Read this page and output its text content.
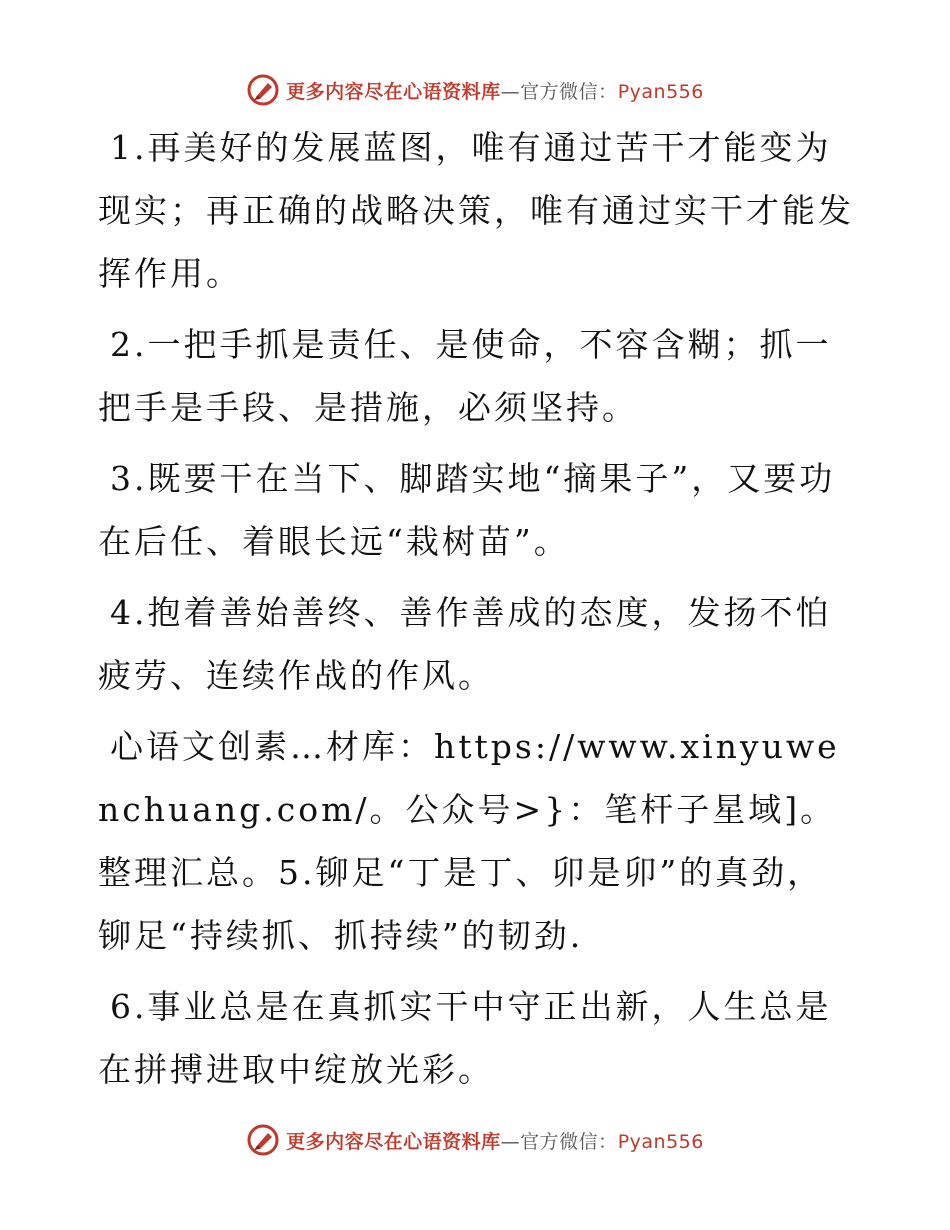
更多内容尽在心语资料库—官方微信：Pyan556

1.再美好的发展蓝图，唯有通过苦干才能变为现实；再正确的战略决策，唯有通过实干才能发挥作用。

2.一把手抓是责任、是使命，不容含糊；抓一把手是手段、是措施，必须坚持。

3.既要干在当下、脚踏实地“摘果子”，又要功在后任、着眼长远“栽树苗”。

4.抱着善始善终、善作善成的态度，发扬不怕疲劳、连续作战的作风。

心语文创素…材库：https://www.xinyuwenchuang.com/。公众号>}：笔杆子星域]。整理汇总。5.铆足“丁是丁、卯是卯”的真劲，铆足“持续抓、抓持续”的韧劲.

6.事业总是在真抓实干中守正出新，人生总是在拼搏进取中绽放光彩。

更多内容尽在心语资料库—官方微信：Pyan556
